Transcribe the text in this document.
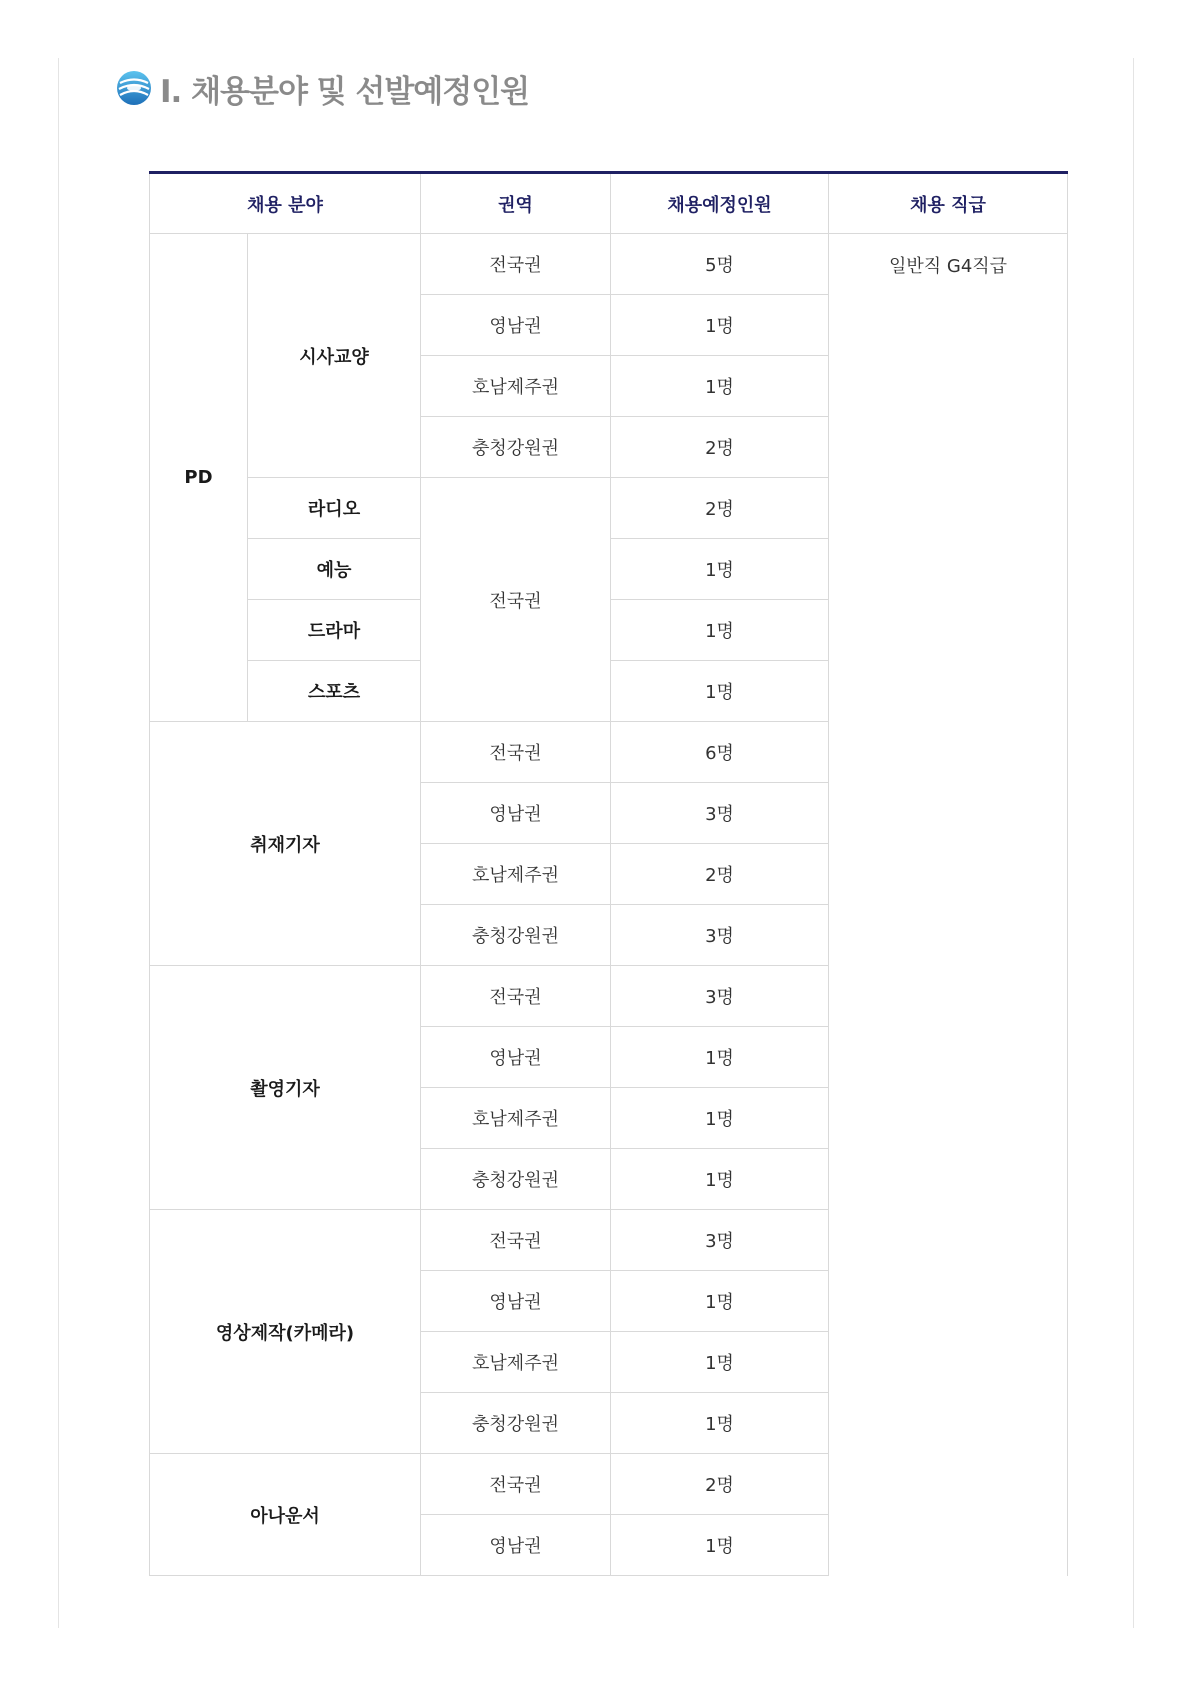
I. 채용분야 및 선발예정인원
채용 분야		권역	채용예정인원	채용 직급
PD	시사교양	전국권	5명	일반직 G4직급
		영남권	1명	
		호남제주권	1명	
		충청강원권	2명	
	라디오	전국권	2명	
	예능		1명	
	드라마		1명	
	스포츠		1명	
취재기자		전국권	6명	
		영남권	3명	
		호남제주권	2명	
		충청강원권	3명	
촬영기자		전국권	3명	
		영남권	1명	
		호남제주권	1명	
		충청강원권	1명	
영상제작(카메라)		전국권	3명	
		영남권	1명	
		호남제주권	1명	
		충청강원권	1명	
아나운서		전국권	2명	
		영남권	1명	
